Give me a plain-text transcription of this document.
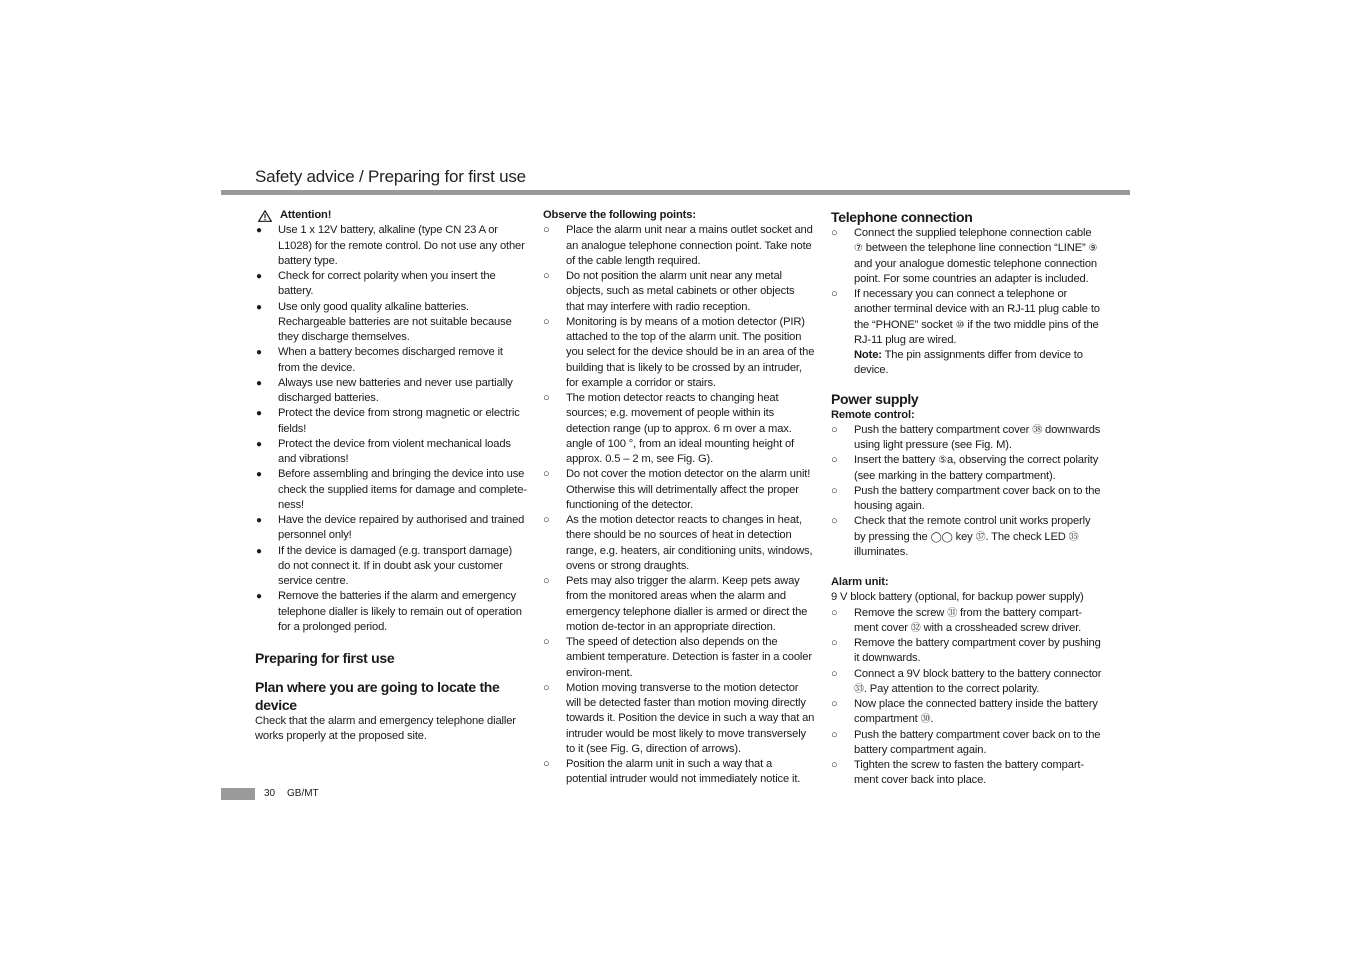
Safety advice / Preparing for first use
Attention!
●	Use 1 x 12V battery, alkaline (type CN 23 A or L1028) for the remote control. Do not use any other battery type.
●	Check for correct polarity when you insert the battery.
●	Use only good quality alkaline batteries. Rechargeable batteries are not suitable because they discharge themselves.
●	When a battery becomes discharged remove it from the device.
●	Always use new batteries and never use partially discharged batteries.
●	Protect the device from strong magnetic or electric fields!
●	Protect the device from violent mechanical loads and vibrations!
●	Before assembling and bringing the device into use check the supplied items for damage and complete-ness!
●	Have the device repaired by authorised and trained personnel only!
●	If the device is damaged (e.g. transport damage) do not connect it. If in doubt ask your customer service centre.
●	Remove the batteries if the alarm and emergency telephone dialler is likely to remain out of operation for a prolonged period.
Preparing for first use
Plan where you are going to locate the device
Check that the alarm and emergency telephone dialler works properly at the proposed site.
Observe the following points:
○	Place the alarm unit near a mains outlet socket and an analogue telephone connection point. Take note of the cable length required.
○	Do not position the alarm unit near any metal objects, such as metal cabinets or other objects that may interfere with radio reception.
○	Monitoring is by means of a motion detector (PIR) attached to the top of the alarm unit. The position you select for the device should be in an area of the building that is likely to be crossed by an intruder, for example a corridor or stairs.
○	The motion detector reacts to changing heat sources; e.g. movement of people within its detection range (up to approx. 6 m over a max. angle of 100 °, from an ideal mounting height of approx. 0.5 – 2 m, see Fig. G).
○	Do not cover the motion detector on the alarm unit! Otherwise this will detrimentally affect the proper functioning of the detector.
○	As the motion detector reacts to changes in heat, there should be no sources of heat in detection range, e.g. heaters, air conditioning units, windows, ovens or strong draughts.
○	Pets may also trigger the alarm. Keep pets away from the monitored areas when the alarm and emergency telephone dialler is armed or direct the motion de-tector in an appropriate direction.
○	The speed of detection also depends on the ambient temperature. Detection is faster in a cooler environ-ment.
○	Motion moving transverse to the motion detector will be detected faster than motion moving directly towards it. Position the device in such a way that an intruder would be most likely to move transversely to it (see Fig. G, direction of arrows).
○	Position the alarm unit in such a way that a potential intruder would not immediately notice it.
Telephone connection
○	Connect the supplied telephone connection cable ⑦ between the telephone line connection “LINE” ⑨ and your analogue domestic telephone connection point. For some countries an adapter is included.
○	If necessary you can connect a telephone or another terminal device with an RJ-11 plug cable to the “PHONE” socket ⑩ if the two middle pins of the RJ-11 plug are wired.
Note: The pin assignments differ from device to device.
Power supply
Remote control:
○	Push the battery compartment cover ㊳ downwards using light pressure (see Fig. M).
○	Insert the battery ⑤a, observing the correct polarity (see marking in the battery compartment).
○	Push the battery compartment cover back on to the housing again.
○	Check that the remote control unit works properly by pressing the ◯◯ key ㊲. The check LED ㉟ illuminates.
Alarm unit:
9 V block battery (optional, for backup power supply)
○	Remove the screw ㉛ from the battery compart-ment cover ㉜ with a crossheaded screw driver.
○	Remove the battery compartment cover by pushing it downwards.
○	Connect a 9V block battery to the battery connector ㉝. Pay attention to the correct polarity.
○	Now place the connected battery inside the battery compartment ㉚.
○	Push the battery compartment cover back on to the battery compartment again.
○	Tighten the screw to fasten the battery compart-ment cover back into place.
30 GB/MT
